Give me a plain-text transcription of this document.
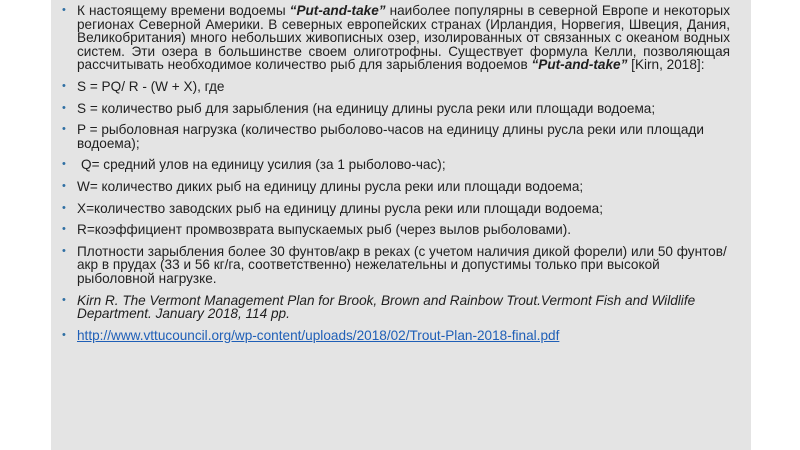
• К настоящему времени водоемы “Put-and-take” наиболее популярны в северной Европе и некоторых регионах Северной Америки. В северных европейских странах (Ирландия, Норвегия, Швеция, Дания, Великобритания) много небольших живописных озер, изолированных от связанных с океаном водных систем. Эти озера в большинстве своем олиготрофны. Существует формула Келли, позволяющая рассчитывать необходимое количество рыб для зарыбления водоемов “Put-and-take” [Kirn, 2018]:
• S = PQ/ R - (W + X), где
• S = количество рыб для зарыбления (на единицу длины русла реки или площади водоема;
• P = рыболовная нагрузка (количество рыболово-часов на единицу длины русла реки или площади водоема);
• Q= средний улов на единицу усилия (за 1 рыболово-час);
• W= количество диких рыб на единицу длины русла реки или площади водоема;
• X=количество заводских рыб на единицу длины русла реки или площади водоема;
• R=коэффициент промвозврата выпускаемых рыб (через вылов рыболовами).
• Плотности зарыбления более 30 фунтов/акр в реках (с учетом наличия дикой форели) или 50 фунтов/акр в прудах (33 и 56 кг/га, соответственно) нежелательны и допустимы только при высокой рыболовной нагрузке.
• Kirn R. The Vermont Management Plan for Brook, Brown and Rainbow Trout.Vermont Fish and Wildlife Department. January 2018, 114 pp.
• http://www.vttucouncil.org/wp-content/uploads/2018/02/Trout-Plan-2018-final.pdf
